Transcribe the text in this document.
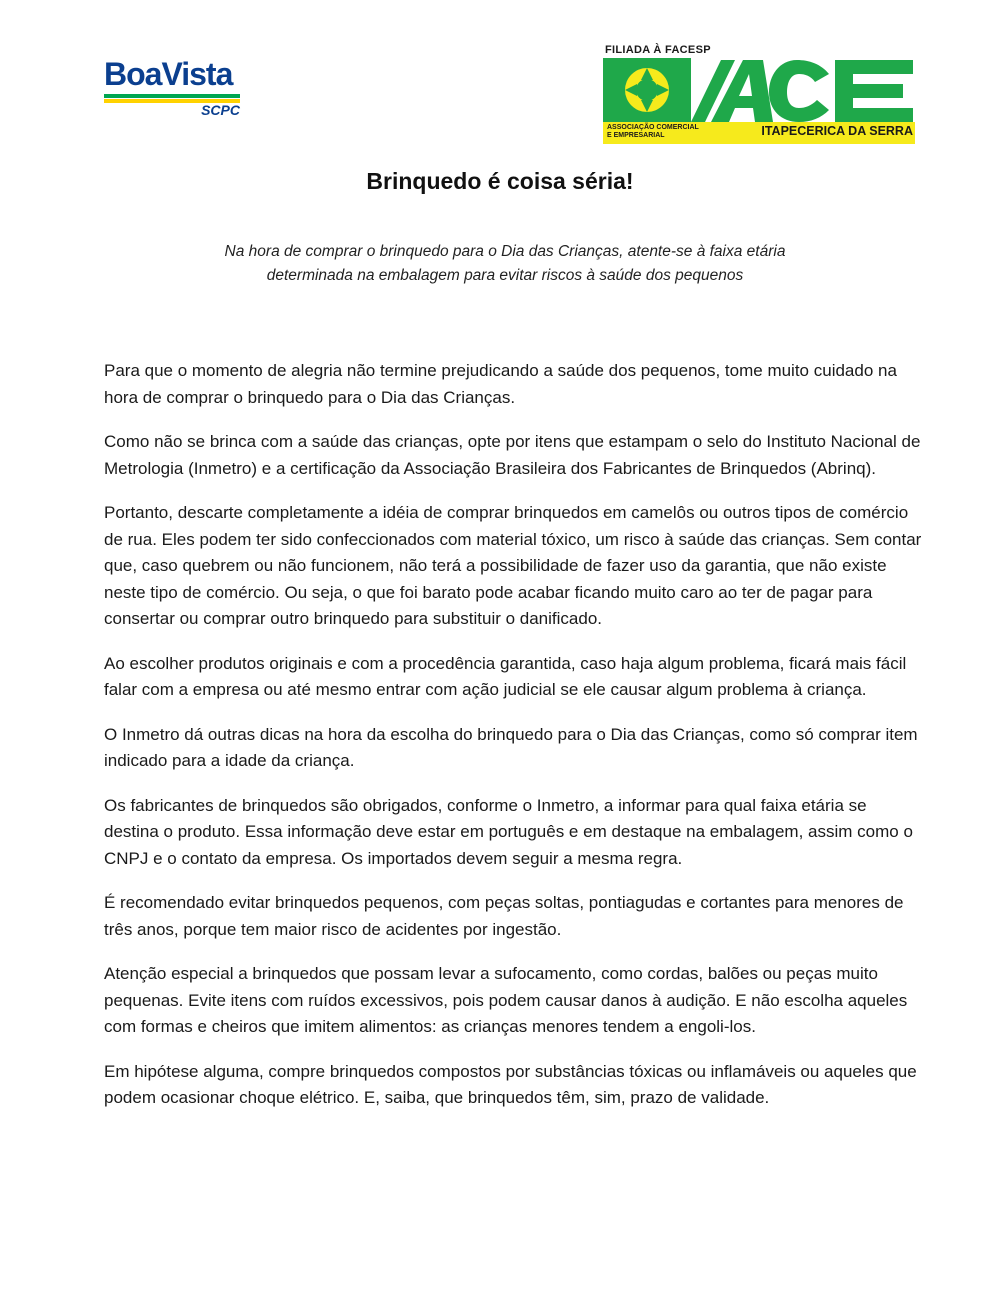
BoaVista
SCPC
FILIADA À FACESP
ASSOCIAÇÃO COMERCIAL
E EMPRESARIAL	ITAPECERICA DA SERRA
Brinquedo é coisa séria!
Na hora de comprar o brinquedo para o Dia das Crianças, atente-se à faixa etária
determinada na embalagem para evitar riscos à saúde dos pequenos

Para que o momento de alegria não termine prejudicando a saúde dos pequenos, tome muito cuidado na hora de comprar o brinquedo para o Dia das Crianças.

Como não se brinca com a saúde das crianças, opte por itens que estampam o selo do Instituto Nacional de Metrologia (Inmetro) e a certificação da Associação Brasileira dos Fabricantes de Brinquedos (Abrinq).

Portanto, descarte completamente a idéia de comprar brinquedos em camelôs ou outros tipos de comércio de rua. Eles podem ter sido confeccionados com material tóxico, um risco à saúde das crianças. Sem contar que, caso quebrem ou não funcionem, não terá a possibilidade de fazer uso da garantia, que não existe neste tipo de comércio. Ou seja, o que foi barato pode acabar ficando muito caro ao ter de pagar para consertar ou comprar outro brinquedo para substituir o danificado.

Ao escolher produtos originais e com a procedência garantida, caso haja algum problema, ficará mais fácil falar com a empresa ou até mesmo entrar com ação judicial se ele causar algum problema à criança.

O Inmetro dá outras dicas na hora da escolha do brinquedo para o Dia das Crianças, como só comprar item indicado para a idade da criança.

Os fabricantes de brinquedos são obrigados, conforme o Inmetro, a informar para qual faixa etária se destina o produto. Essa informação deve estar em português e em destaque na embalagem, assim como o CNPJ e o contato da empresa. Os importados devem seguir a mesma regra.

É recomendado evitar brinquedos pequenos, com peças soltas, pontiagudas e cortantes para menores de três anos, porque tem maior risco de acidentes por ingestão.

Atenção especial a brinquedos que possam levar a sufocamento, como cordas, balões ou peças muito pequenas. Evite itens com ruídos excessivos, pois podem causar danos à audição. E não escolha aqueles com formas e cheiros que imitem alimentos: as crianças menores tendem a engoli-los.

Em hipótese alguma, compre brinquedos compostos por substâncias tóxicas ou inflamáveis ou aqueles que podem ocasionar choque elétrico. E, saiba, que brinquedos têm, sim, prazo de validade.
